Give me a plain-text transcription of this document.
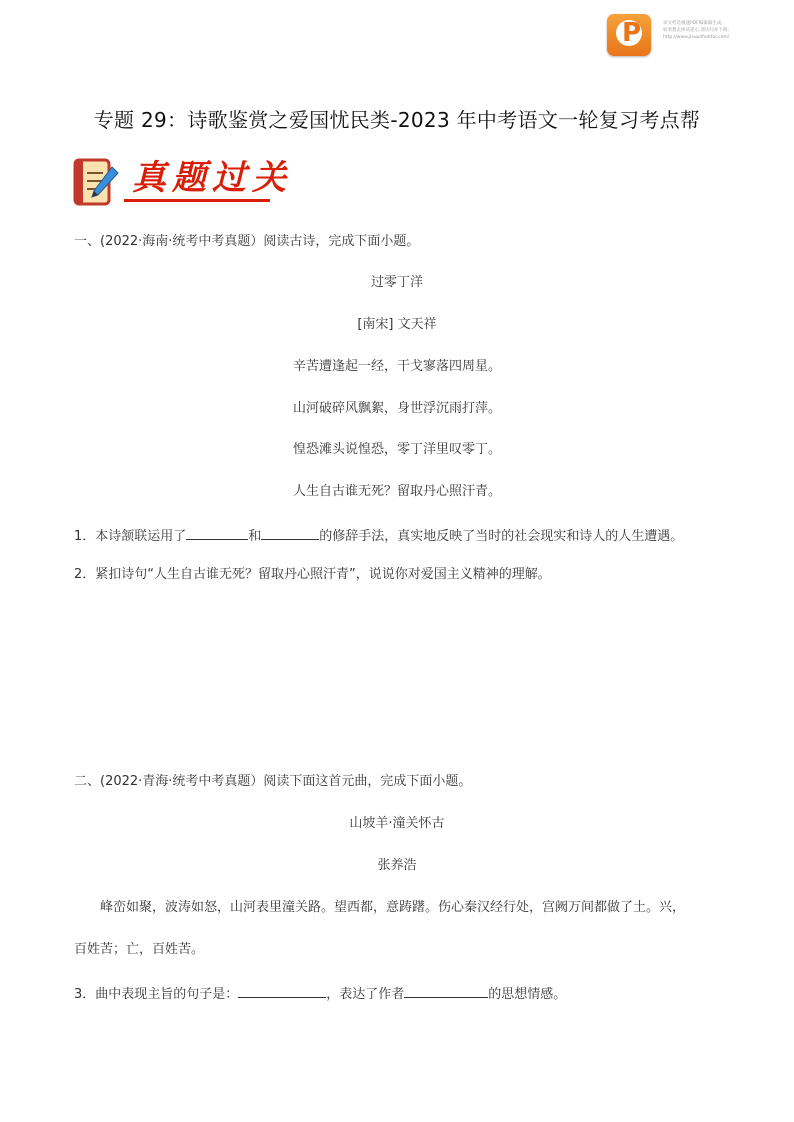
P	该文档是极速PDF编辑器生成,
如果想去掉该提示,请访问并下载:
http://www.jisupdfeditor.com/
专题 29：诗歌鉴赏之爱国忧民类-2023 年中考语文一轮复习考点帮
真题过关
一、(2022·海南·统考中考真题）阅读古诗，完成下面小题。
过零丁洋
[南宋] 文天祥
辛苦遭逢起一经，干戈寥落四周星。
山河破碎风飘絮，身世浮沉雨打萍。
惶恐滩头说惶恐，零丁洋里叹零丁。
人生自古谁无死？留取丹心照汗青。
1．本诗颔联运用了	和	的修辞手法，真实地反映了当时的社会现实和诗人的人生遭遇。
2．紧扣诗句“人生自古谁无死？留取丹心照汗青”，说说你对爱国主义精神的理解。
二、(2022·青海·统考中考真题）阅读下面这首元曲，完成下面小题。
山坡羊·潼关怀古
张养浩
峰峦如聚，波涛如怒，山河表里潼关路。望西都，意踌躇。伤心秦汉经行处，宫阙万间都做了土。兴，
百姓苦；亡，百姓苦。
3．曲中表现主旨的句子是：	，表达了作者	的思想情感。
